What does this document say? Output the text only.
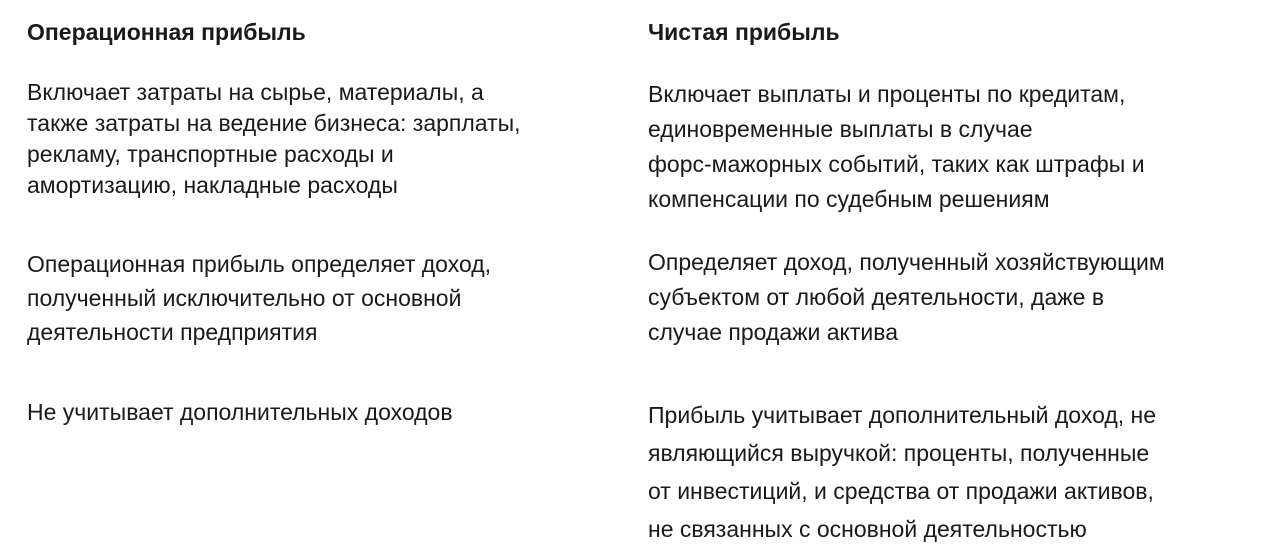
Операционная прибыль
Включает затраты на сырье, материалы, а
также затраты на ведение бизнеса: зарплаты,
рекламу, транспортные расходы и
амортизацию, накладные расходы
Операционная прибыль определяет доход,
полученный исключительно от основной
деятельности предприятия
Не учитывает дополнительных доходов
Чистая прибыль
Включает выплаты и проценты по кредитам,
единовременные выплаты в случае
форс-мажорных событий, таких как штрафы и
компенсации по судебным решениям
Определяет доход, полученный хозяйствующим
субъектом от любой деятельности, даже в
случае продажи актива
Прибыль учитывает дополнительный доход, не
являющийся выручкой: проценты, полученные
от инвестиций, и средства от продажи активов,
не связанных с основной деятельностью
